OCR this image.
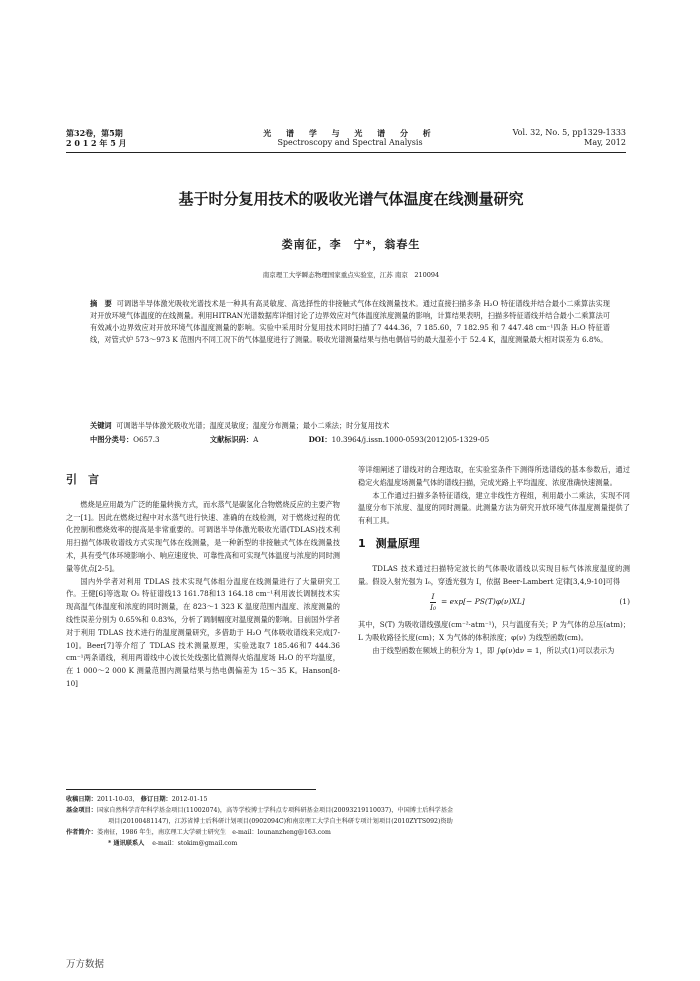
第32卷，第5期
2 0 1 2 年 5 月
光 谱 学 与 光 谱 分 析
Spectroscopy and Spectral Analysis
Vol. 32, No. 5, pp1329-1333
May, 2012
基于时分复用技术的吸收光谱气体温度在线测量研究
娄南征，李　宁*，翁春生
南京理工大学瞬态物理国家重点实验室，江苏 南京　210094
摘　要 可调谐半导体激光吸收光谱技术是一种具有高灵敏度、高选择性的非接触式气体在线测量技术。通过直接扫描多条 H₂O 特征谱线并结合最小二乘算法实现对开放环境气体温度的在线测量。利用HITRAN光谱数据库详细讨论了边界效应对气体温度浓度测量的影响，计算结果表明，扫描多特征谱线并结合最小二乘算法可有效减小边界效应对开放环境气体温度测量的影响。实验中采用时分复用技术同时扫描了7 444.36，7 185.60，7 182.95 和 7 447.48 cm⁻¹四条 H₂O 特征谱线，对管式炉 573～973 K 范围内不同工况下的气体温度进行了测量。吸收光谱测量结果与热电偶信号的最大温差小于 52.4 K，温度测量最大相对误差为 6.8%。
关键词 可调谐半导体激光吸收光谱；温度灵敏度；温度分布测量；最小二乘法；时分复用技术
中图分类号：O657.3	文献标识码：A	DOI：10.3964/j.issn.1000-0593(2012)05-1329-05
引　言

燃烧是应用最为广泛的能量转换方式，而水蒸气是碳氢化合物燃烧反应的主要产物之一[1]。因此在燃烧过程中对水蒸气进行快速、准确的在线检测，对于燃烧过程的优化控制和燃烧效率的提高是非常重要的。可调谐半导体激光吸收光谱(TDLAS)技术利用扫描气体吸收谱线方式实现气体在线测量，是一种新型的非接触式气体在线测量技术，具有受气体环境影响小、响应速度快、可靠性高和可实现气体温度与浓度的同时测量等优点[2-5]。

国内外学者对利用 TDLAS 技术实现气体组分温度在线测量进行了大量研究工作。王健[6]等选取 O₂ 特征谱线13 161.78和13 164.18 cm⁻¹利用波长调制技术实现高温气体温度和浓度的同时测量，在 823～1 323 K 温度范围内温度、浓度测量的线性误差分别为 0.65%和 0.83%，分析了调制幅度对温度测量的影响。目前国外学者对于利用 TDLAS 技术进行的温度测量研究，多借助于 H₂O 气体吸收谱线来完成[7-10]。Beer[7]等介绍了 TDLAS 技术测量原理，实验选取7 185.46和7 444.36 cm⁻¹两条谱线，利用两谱线中心波长处线强比值测得火焰温度场 H₂O 的平均温度，在 1 000～2 000 K 测量范围内测量结果与热电偶偏差为 15～35 K。Hanson[8-10]

等详细阐述了谱线对的合理选取，在实验室条件下测得所选谱线的基本参数后，通过稳定火焰温度场测量气体的谱线扫描，完成光路上平均温度、浓度准确快速测量。

本工作通过扫描多条特征谱线，建立非线性方程组，利用最小二乘法，实现不同温度分布下浓度、温度的同时测量。此测量方法为研究开放环境气体温度测量提供了有利工具。

1 测量原理

TDLAS 技术通过扫描特定波长的气体吸收谱线以实现目标气体浓度温度的测量。假设入射光强为 I₀，穿透光强为 I，依据 Beer-Lambert 定律[3,4,9-10]可得

$\frac{I}{\text{I₀}} = \exp[- PS(T)\varphi(\nu)XL]$	(1)

其中，S(T) 为吸收谱线强度(cm⁻²·atm⁻¹)，只与温度有关；P 为气体的总压(atm)；L 为吸收路径长度(cm)；X 为气体的体积浓度；φ(ν) 为线型函数(cm)。

由于线型函数在频域上的积分为 1，即 ∫φ(ν)dν = 1，所以式(1)可以表示为

收稿日期：2011-10-03， 修订日期：2012-01-15
基金项目：国家自然科学青年科学基金项目(11002074)，高等学校博士学科点专项科研基金项目(20093219110037)，中国博士后科学基金
项目(20100481147)，江苏省博士后科研计划项目(0902094C)和南京理工大学自主科研专项计划项目(2010ZYTS092)资助
作者简介：娄南征，1986 年生，南京理工大学硕士研究生　e-mail：lounanzheng@163.com
* 通讯联系人 e-mail：stokim@gmail.com
万方数据
